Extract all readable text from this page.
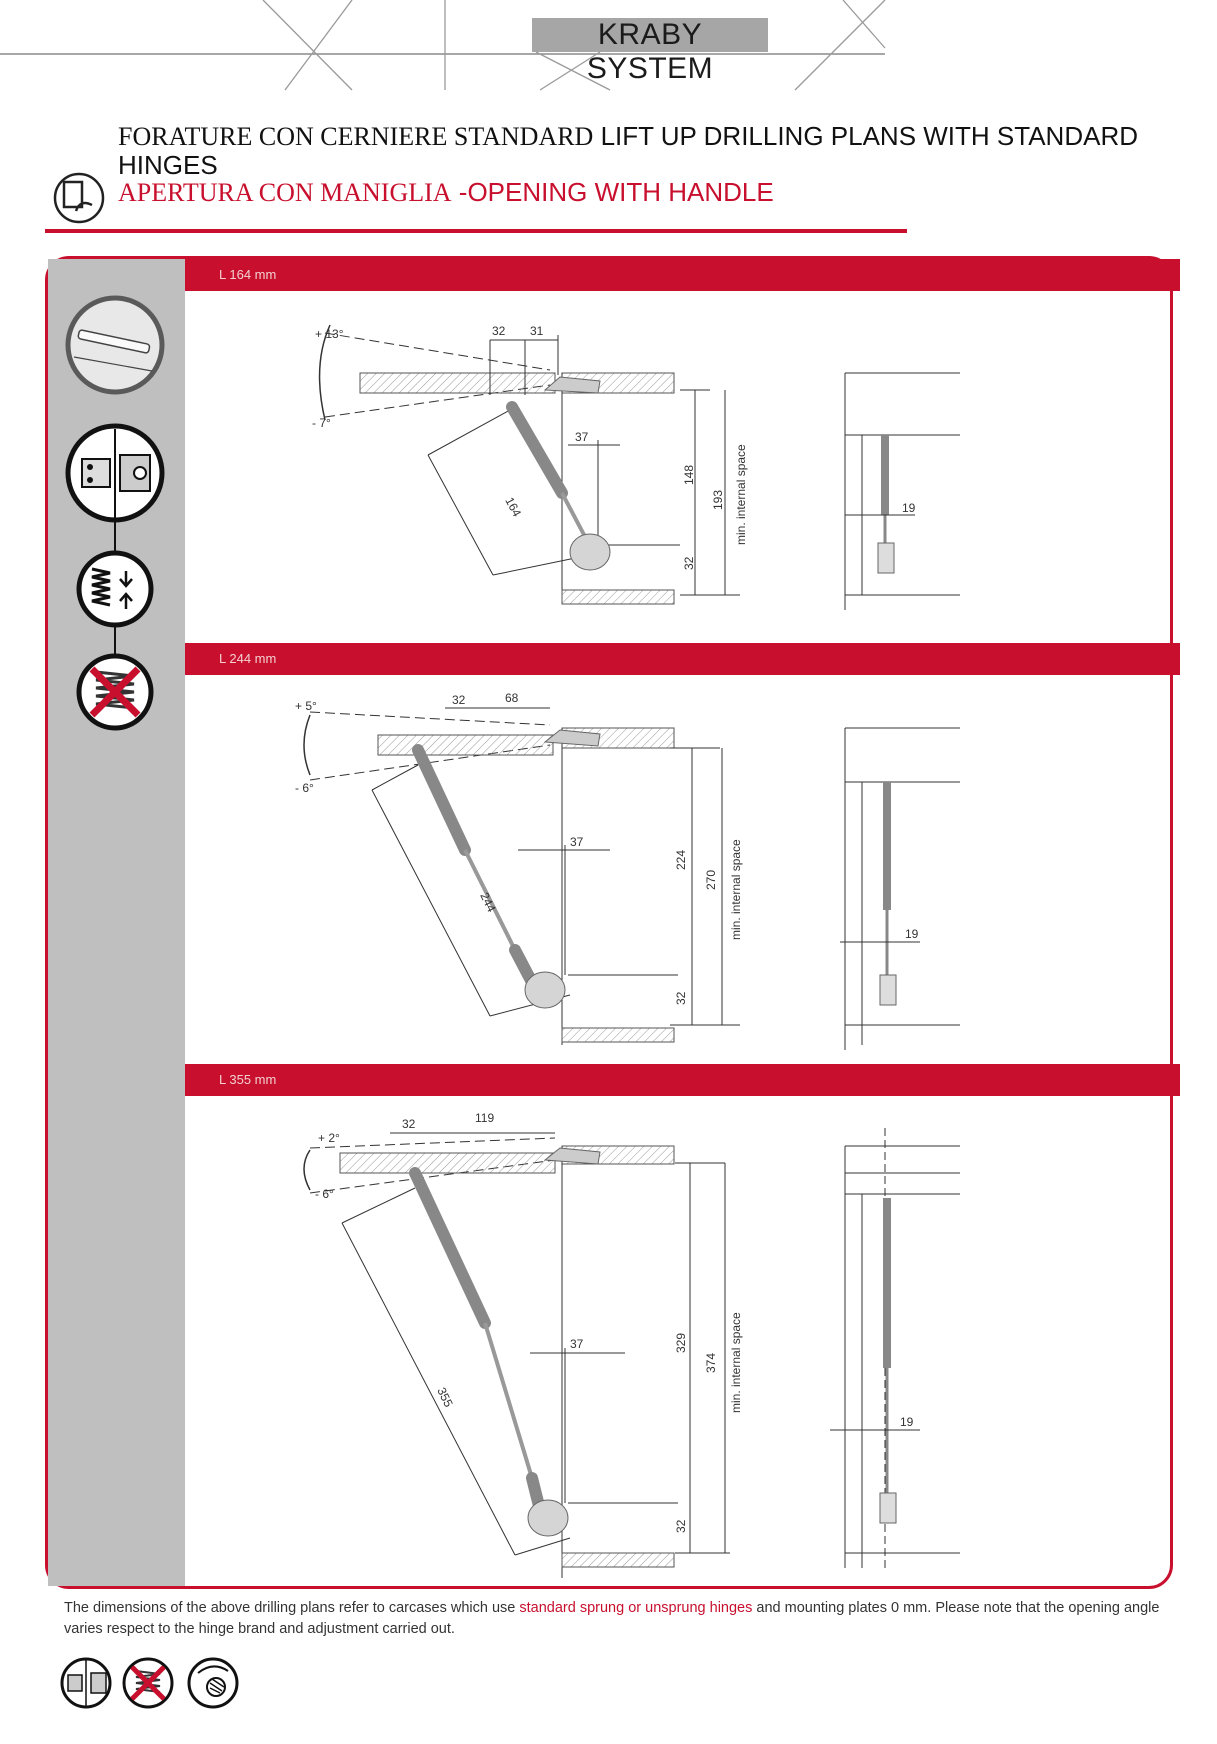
KRABY SYSTEM
FORATURE CON CERNIERE STANDARD LIFT UP DRILLING PLANS WITH STANDARD HINGES
APERTURA CON MANIGLIA -OPENING WITH HANDLE
L 164 mm
L 244 mm
L 355 mm
+ 13°
- 7°
32 31
37
164
148
193
32
min. internal space	19
+ 5°
- 6°
32	68
37
244
224
270
32
min. internal space	19
+ 2°
- 6°
32	119
37
355
329
374
32
min. internal space
19
The dimensions of the above drilling plans refer to carcases which use standard sprung or unsprung hinges and mounting plates 0 mm. Please note that the opening angle varies respect to the hinge brand and adjustment carried out.
